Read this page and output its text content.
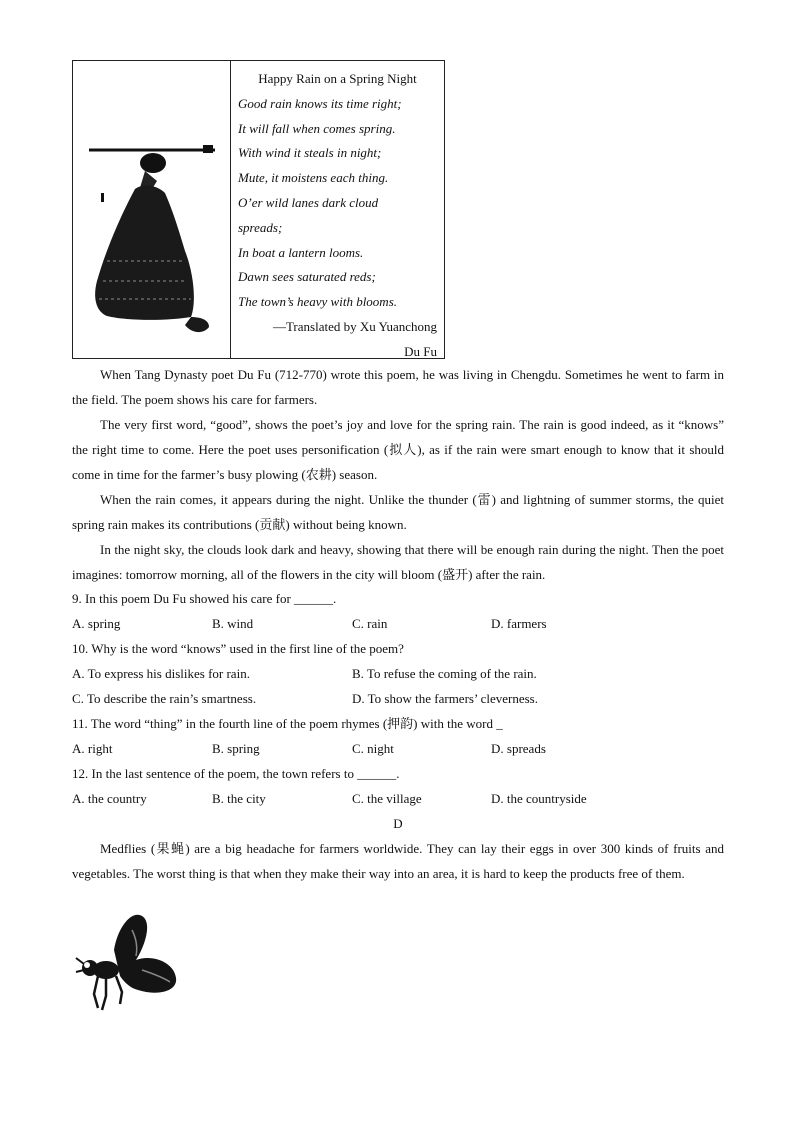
Happy Rain on a Spring Night
Good rain knows its time right;
It will fall when comes spring.
With wind it steals in night;
Mute, it moistens each thing.
O’er wild lanes dark cloud
spreads;
In boat a lantern looms.
Dawn sees saturated reds;
The town’s heavy with blooms.
—Translated by Xu Yuanchong
Du Fu
When Tang Dynasty poet Du Fu (712-770) wrote this poem, he was living in Chengdu. Sometimes he went to farm in the field. The poem shows his care for farmers.
The very first word, “good”, shows the poet’s joy and love for the spring rain. The rain is good indeed, as it “knows” the right time to come. Here the poet uses personification (拟人), as if the rain were smart enough to know that it should come in time for the farmer’s busy plowing (农耕) season.
When the rain comes, it appears during the night. Unlike the thunder (雷) and lightning of summer storms, the quiet spring rain makes its contributions (贡献) without being known.
In the night sky, the clouds look dark and heavy, showing that there will be enough rain during the night. Then the poet imagines: tomorrow morning, all of the flowers in the city will bloom (盛开) after the rain.
9. In this poem Du Fu showed his care for ______.
A. spring	B. wind	C. rain	D. farmers
10. Why is the word “knows” used in the first line of the poem?
A. To express his dislikes for rain.	B. To refuse the coming of the rain.
C. To describe the rain’s smartness.	D. To show the farmers’ cleverness.
11. The word “thing” in the fourth line of the poem rhymes (押韵) with the word _
A. right	B. spring	C. night	D. spreads
12. In the last sentence of the poem, the town refers to ______.
A. the country	B. the city	C. the village	D. the countryside
D
Medflies (果蝇) are a big headache for farmers worldwide. They can lay their eggs in over 300 kinds of fruits and vegetables. The worst thing is that when they make their way into an area, it is hard to keep the products free of them.
